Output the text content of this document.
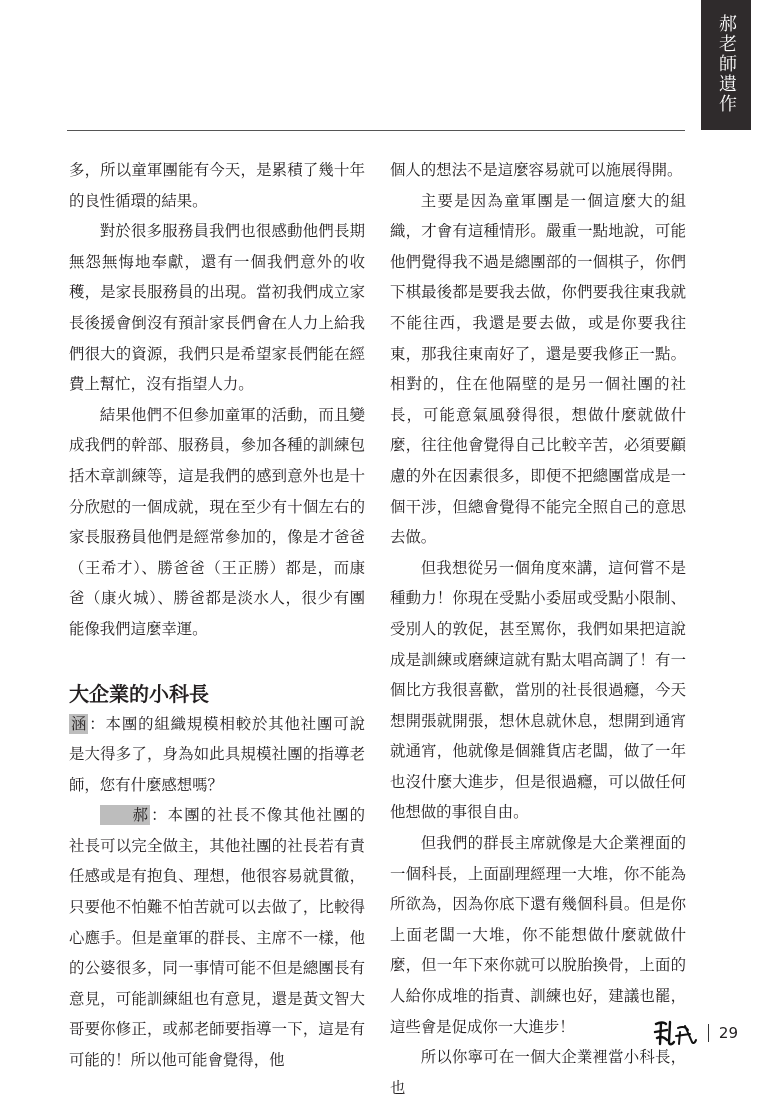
郝老師遺作

多，所以童軍團能有今天，是累積了幾十年的良性循環的結果。

對於很多服務員我們也很感動他們長期無怨無悔地奉獻，還有一個我們意外的收穫，是家長服務員的出現。當初我們成立家長後援會倒沒有預計家長們會在人力上給我們很大的資源，我們只是希望家長們能在經費上幫忙，沒有指望人力。

結果他們不但參加童軍的活動，而且變成我們的幹部、服務員，參加各種的訓練包括木章訓練等，這是我們的感到意外也是十分欣慰的一個成就，現在至少有十個左右的家長服務員他們是經常參加的，像是才爸爸（王希才）、勝爸爸（王正勝）都是，而康爸（康火城）、勝爸都是淡水人，很少有團能像我們這麼幸運。

大企業的小科長

涵 ：本團的組織規模相較於其他社團可說是大得多了，身為如此具規模社團的指導老師，您有什麼感想嗎？

郝 ：本團的社長不像其他社團的社長可以完全做主，其他社團的社長若有責任感或是有抱負、理想，他很容易就貫徹，只要他不怕難不怕苦就可以去做了，比較得心應手。但是童軍的群長、主席不一樣，他的公婆很多，同一事情可能不但是總團長有意見，可能訓練組也有意見，還是黃文智大哥要你修正，或郝老師要指導一下，這是有可能的！所以他可能會覺得，他

個人的想法不是這麼容易就可以施展得開。

主要是因為童軍團是一個這麼大的組織，才會有這種情形。嚴重一點地說，可能他們覺得我不過是總團部的一個棋子，你們下棋最後都是要我去做，你們要我往東我就不能往西，我還是要去做，或是你要我往東，那我往東南好了，還是要我修正一點。相對的，住在他隔壁的是另一個社團的社長，可能意氣風發得很，想做什麼就做什麼，往往他會覺得自己比較辛苦，必須要顧慮的外在因素很多，即便不把總團當成是一個干涉，但總會覺得不能完全照自己的意思去做。

但我想從另一個角度來講，這何嘗不是種動力！你現在受點小委屈或受點小限制、受別人的敦促，甚至罵你，我們如果把這說成是訓練或磨練這就有點太唱高調了！有一個比方我很喜歡，當別的社長很過癮，今天想開張就開張，想休息就休息，想開到通宵就通宵，他就像是個雜貨店老闆，做了一年也沒什麼大進步，但是很過癮，可以做任何他想做的事很自由。

但我們的群長主席就像是大企業裡面的一個科長，上面副理經理一大堆，你不能為所欲為，因為你底下還有幾個科員。但是你上面老闆一大堆，你不能想做什麼就做什麼，但一年下來你就可以脫胎換骨，上面的人給你成堆的指責、訓練也好，建議也罷，這些會是促成你一大進步！

所以你寧可在一個大企業裡當小科長，也

29
